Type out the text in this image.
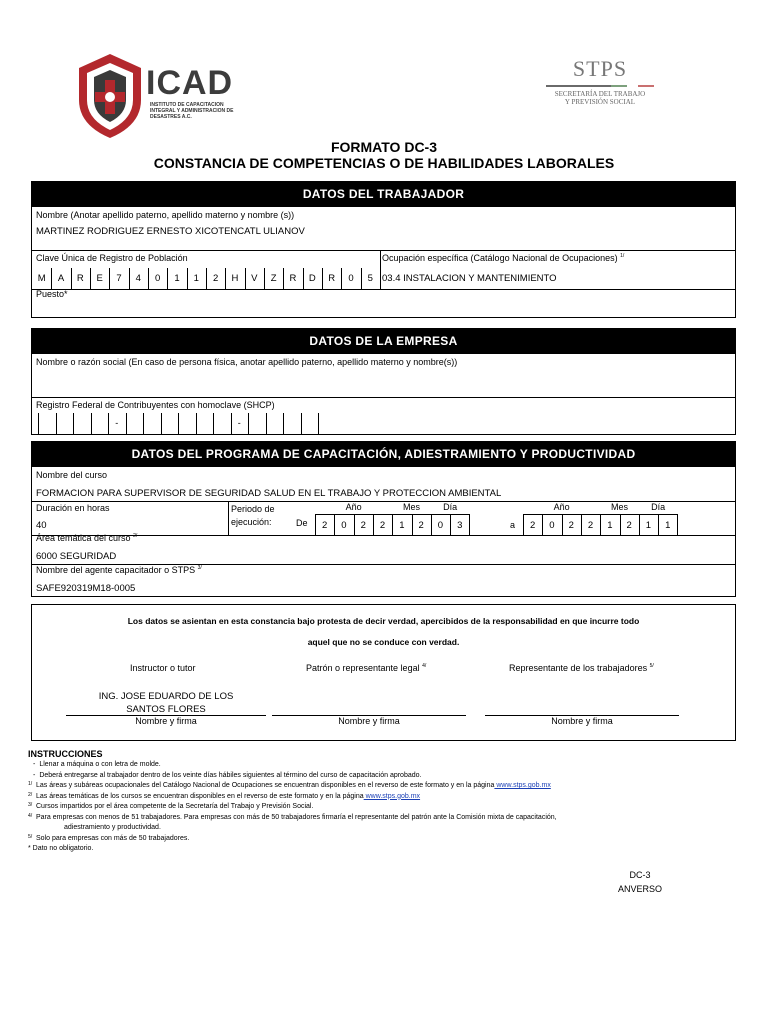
ICAD
INSTITUTO DE CAPACITACION INTEGRAL Y ADMINISTRACION DE DESASTRES A.C.
STPS
SECRETARÍA DEL TRABAJO
Y PREVISIÓN SOCIAL
FORMATO DC-3
CONSTANCIA DE COMPETENCIAS O DE HABILIDADES LABORALES
DATOS DEL TRABAJADOR
Nombre (Anotar apellido paterno, apellido materno y nombre (s))
MARTINEZ RODRIGUEZ ERNESTO XICOTENCATL ULIANOV
Clave Única de Registro de Población	Ocupación específica (Catálogo Nacional de Ocupaciones) $^{1/}$
03.4 INSTALACION Y MANTENIMIENTO
M	A	R	E	7	4	0	1	1	2	H	V	Z	R	D	R	0	5
Puesto*
DATOS DE LA EMPRESA
Nombre o razón social (En caso de persona física, anotar apellido paterno, apellido materno y nombre(s))
Registro Federal de Contribuyentes con homoclave (SHCP)
-	-
DATOS DEL PROGRAMA DE CAPACITACIÓN, ADIESTRAMIENTO Y PRODUCTIVIDAD
Nombre del curso
FORMACION PARA SUPERVISOR DE SEGURIDAD SALUD EN EL TRABAJO Y PROTECCION AMBIENTAL
Duración en horas
40
Periodo de
ejecución:	De	a
Año	Mes	Día
2	0	2	2	1	2	0	3
Año	Mes	Día
2	0	2	2	1	2	1	1
Área temática del curso $^{2/}$
6000 SEGURIDAD
Nombre del agente capacitador o STPS $^{3/}$
SAFE920319M18-0005
Los datos se asientan en esta constancia bajo protesta de decir verdad, apercibidos de la responsabilidad en que incurre todo
aquel que no se conduce con verdad.
Instructor o tutor	Patrón o representante legal $^{4/}$	Representante de los trabajadores $^{5/}$
ING. JOSE EDUARDO DE LOS
SANTOS FLORES
Nombre y firma	Nombre y firma	Nombre y firma
INSTRUCCIONES
- Llenar a máquina o con letra de molde.
- Deberá entregarse al trabajador dentro de los veinte días hábiles siguientes al término del curso de capacitación aprobado.
1/ Las áreas y subáreas ocupacionales del Catálogo Nacional de Ocupaciones se encuentran disponibles en el reverso de este formato y en la página www.stps.gob.mx
2/ Las áreas temáticas de los cursos se encuentran disponibles en el reverso de este formato y en la página www.stps.gob.mx
3/ Cursos impartidos por el área competente de la Secretaría del Trabajo y Previsión Social.
4/ Para empresas con menos de 51 trabajadores. Para empresas con más de 50 trabajadores firmaría el representante del patrón ante la Comisión mixta de capacitación,
adiestramiento y productividad.
5/ Solo para empresas con más de 50 trabajadores.
* Dato no obligatorio.
DC-3
ANVERSO
